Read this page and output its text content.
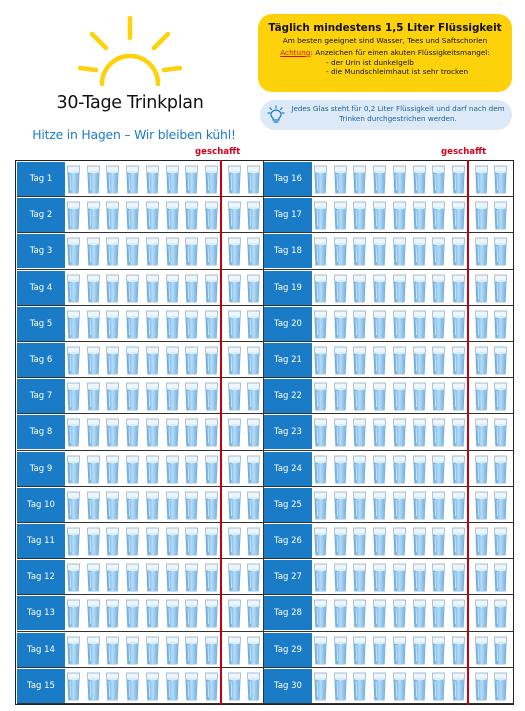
30-Tage Trinkplan
Hitze in Hagen – Wir bleiben kühl!
Täglich mindestens 1,5 Liter Flüssigkeit
Am besten geeignet sind Wasser, Tees und Saftschorlen
Achtung: Anzeichen für einen akuten Flüssigkeitsmangel:
- der Urin ist dunkelgelb
- die Mundschleimhaut ist sehr trocken
Jedes Glas steht für 0,2 Liter Flüssigkeit und darf nach dem Trinken durchgestrichen werden.
geschafft	geschafft
Tag 1
Tag 2
Tag 3
Tag 4
Tag 5
Tag 6
Tag 7
Tag 8
Tag 9
Tag 10
Tag 11
Tag 12
Tag 13
Tag 14
Tag 15
Tag 16
Tag 17
Tag 18
Tag 19
Tag 20
Tag 21
Tag 22
Tag 23
Tag 24
Tag 25
Tag 26
Tag 27
Tag 28
Tag 29
Tag 30
